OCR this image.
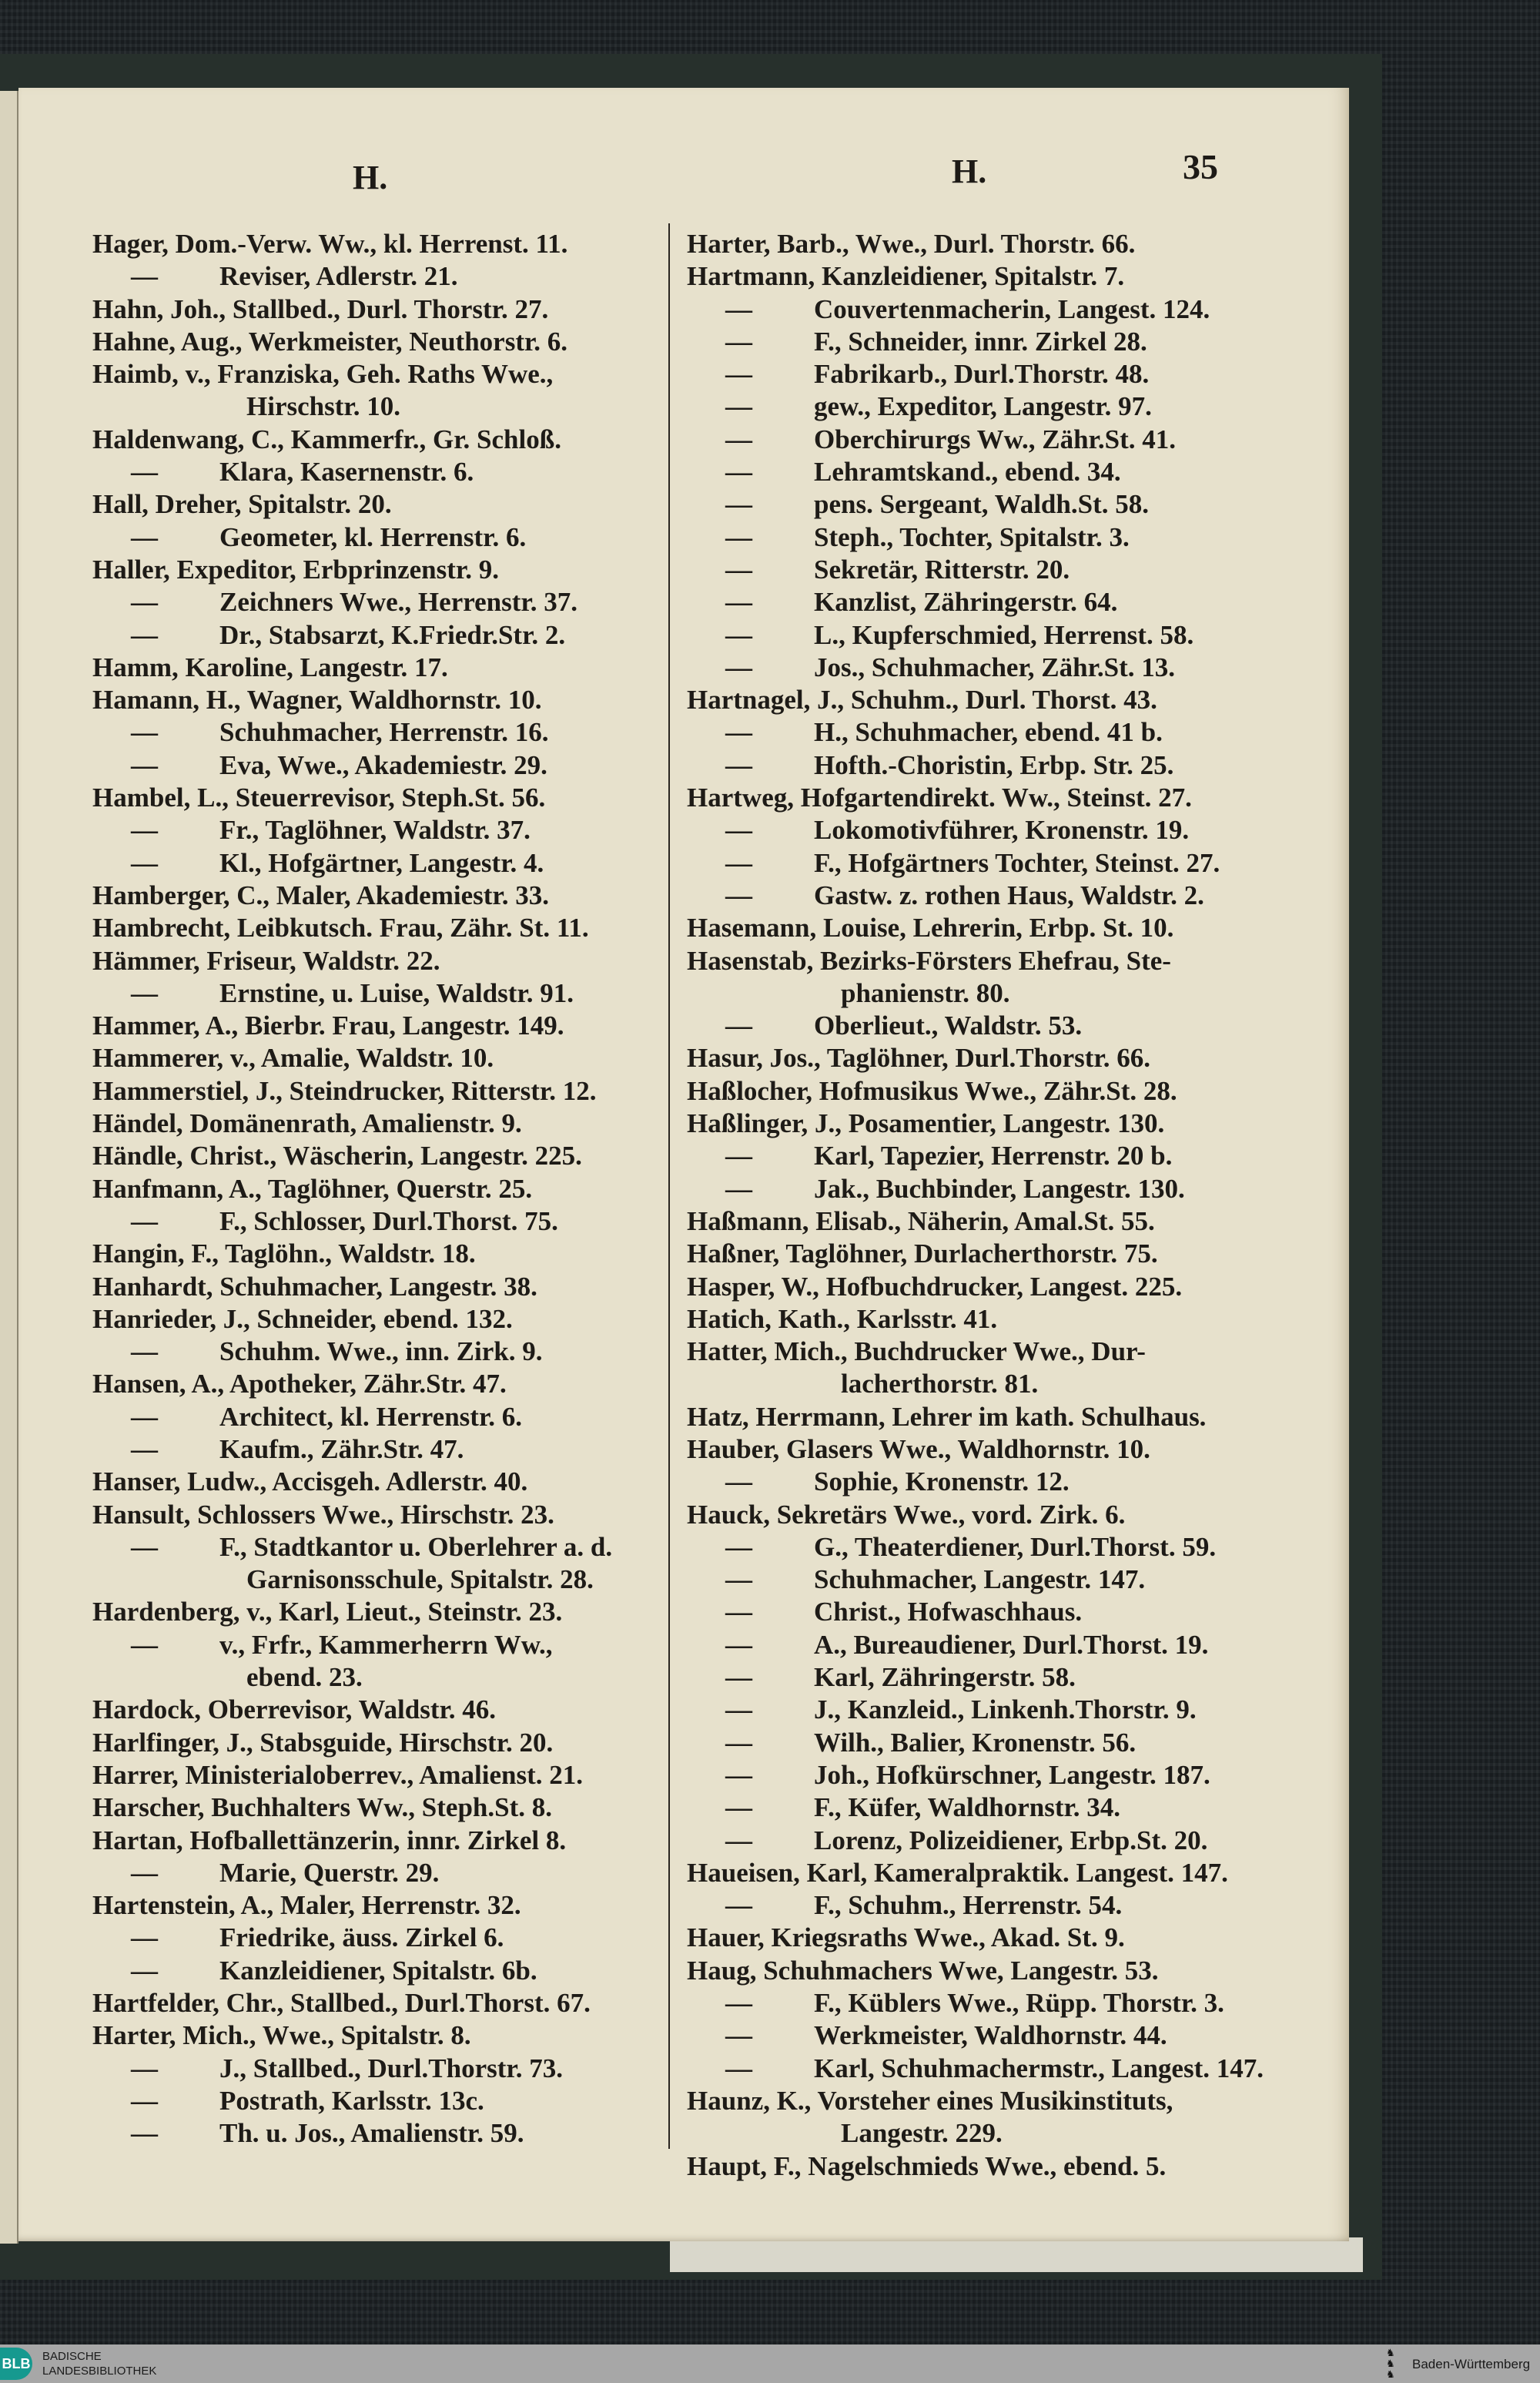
H.	H.	35
Hager, Dom.-Verw. Ww., kl. Herrenst. 11.
— Reviser, Adlerstr. 21.
Hahn, Joh., Stallbed., Durl. Thorstr. 27.
Hahne, Aug., Werkmeister, Neuthorstr. 6.
Haimb, v., Franziska, Geh. Raths Wwe.,
Hirschstr. 10.
Haldenwang, C., Kammerfr., Gr. Schloß.
— Klara, Kasernenstr. 6.
Hall, Dreher, Spitalstr. 20.
— Geometer, kl. Herrenstr. 6.
Haller, Expeditor, Erbprinzenstr. 9.
— Zeichners Wwe., Herrenstr. 37.
— Dr., Stabsarzt, K.Friedr.Str. 2.
Hamm, Karoline, Langestr. 17.
Hamann, H., Wagner, Waldhornstr. 10.
— Schuhmacher, Herrenstr. 16.
— Eva, Wwe., Akademiestr. 29.
Hambel, L., Steuerrevisor, Steph.St. 56.
— Fr., Taglöhner, Waldstr. 37.
— Kl., Hofgärtner, Langestr. 4.
Hamberger, C., Maler, Akademiestr. 33.
Hambrecht, Leibkutsch. Frau, Zähr. St. 11.
Hämmer, Friseur, Waldstr. 22.
— Ernstine, u. Luise, Waldstr. 91.
Hammer, A., Bierbr. Frau, Langestr. 149.
Hammerer, v., Amalie, Waldstr. 10.
Hammerstiel, J., Steindrucker, Ritterstr. 12.
Händel, Domänenrath, Amalienstr. 9.
Händle, Christ., Wäscherin, Langestr. 225.
Hanfmann, A., Taglöhner, Querstr. 25.
— F., Schlosser, Durl.Thorst. 75.
Hangin, F., Taglöhn., Waldstr. 18.
Hanhardt, Schuhmacher, Langestr. 38.
Hanrieder, J., Schneider, ebend. 132.
— Schuhm. Wwe., inn. Zirk. 9.
Hansen, A., Apotheker, Zähr.Str. 47.
— Architect, kl. Herrenstr. 6.
— Kaufm., Zähr.Str. 47.
Hanser, Ludw., Accisgeh. Adlerstr. 40.
Hansult, Schlossers Wwe., Hirschstr. 23.
— F., Stadtkantor u. Oberlehrer a. d.
Garnisonsschule, Spitalstr. 28.
Hardenberg, v., Karl, Lieut., Steinstr. 23.
— v., Frfr., Kammerherrn Ww.,
ebend. 23.
Hardock, Oberrevisor, Waldstr. 46.
Harlfinger, J., Stabsguide, Hirschstr. 20.
Harrer, Ministerialoberrev., Amalienst. 21.
Harscher, Buchhalters Ww., Steph.St. 8.
Hartan, Hofballettänzerin, innr. Zirkel 8.
— Marie, Querstr. 29.
Hartenstein, A., Maler, Herrenstr. 32.
— Friedrike, äuss. Zirkel 6.
— Kanzleidiener, Spitalstr. 6b.
Hartfelder, Chr., Stallbed., Durl.Thorst. 67.
Harter, Mich., Wwe., Spitalstr. 8.
— J., Stallbed., Durl.Thorstr. 73.
— Postrath, Karlsstr. 13c.
— Th. u. Jos., Amalienstr. 59.
Harter, Barb., Wwe., Durl. Thorstr. 66.
Hartmann, Kanzleidiener, Spitalstr. 7.
— Couvertenmacherin, Langest. 124.
— F., Schneider, innr. Zirkel 28.
— Fabrikarb., Durl.Thorstr. 48.
— gew., Expeditor, Langestr. 97.
— Oberchirurgs Ww., Zähr.St. 41.
— Lehramtskand., ebend. 34.
— pens. Sergeant, Waldh.St. 58.
— Steph., Tochter, Spitalstr. 3.
— Sekretär, Ritterstr. 20.
— Kanzlist, Zähringerstr. 64.
— L., Kupferschmied, Herrenst. 58.
— Jos., Schuhmacher, Zähr.St. 13.
Hartnagel, J., Schuhm., Durl. Thorst. 43.
— H., Schuhmacher, ebend. 41 b.
— Hofth.-Choristin, Erbp. Str. 25.
Hartweg, Hofgartendirekt. Ww., Steinst. 27.
— Lokomotivführer, Kronenstr. 19.
— F., Hofgärtners Tochter, Steinst. 27.
— Gastw. z. rothen Haus, Waldstr. 2.
Hasemann, Louise, Lehrerin, Erbp. St. 10.
Hasenstab, Bezirks-Försters Ehefrau, Ste-
phanienstr. 80.
— Oberlieut., Waldstr. 53.
Hasur, Jos., Taglöhner, Durl.Thorstr. 66.
Haßlocher, Hofmusikus Wwe., Zähr.St. 28.
Haßlinger, J., Posamentier, Langestr. 130.
— Karl, Tapezier, Herrenstr. 20 b.
— Jak., Buchbinder, Langestr. 130.
Haßmann, Elisab., Näherin, Amal.St. 55.
Haßner, Taglöhner, Durlacherthorstr. 75.
Hasper, W., Hofbuchdrucker, Langest. 225.
Hatich, Kath., Karlsstr. 41.
Hatter, Mich., Buchdrucker Wwe., Dur-
lacherthorstr. 81.
Hatz, Herrmann, Lehrer im kath. Schulhaus.
Hauber, Glasers Wwe., Waldhornstr. 10.
— Sophie, Kronenstr. 12.
Hauck, Sekretärs Wwe., vord. Zirk. 6.
— G., Theaterdiener, Durl.Thorst. 59.
— Schuhmacher, Langestr. 147.
— Christ., Hofwaschhaus.
— A., Bureaudiener, Durl.Thorst. 19.
— Karl, Zähringerstr. 58.
— J., Kanzleid., Linkenh.Thorstr. 9.
— Wilh., Balier, Kronenstr. 56.
— Joh., Hofkürschner, Langestr. 187.
— F., Küfer, Waldhornstr. 34.
— Lorenz, Polizeidiener, Erbp.St. 20.
Haueisen, Karl, Kameralpraktik. Langest. 147.
— F., Schuhm., Herrenstr. 54.
Hauer, Kriegsraths Wwe., Akad. St. 9.
Haug, Schuhmachers Wwe, Langestr. 53.
— F., Küblers Wwe., Rüpp. Thorstr. 3.
— Werkmeister, Waldhornstr. 44.
— Karl, Schuhmachermstr., Langest. 147.
Haunz, K., Vorsteher eines Musikinstituts,
Langestr. 229.
Haupt, F., Nagelschmieds Wwe., ebend. 5.
BLB BADISCHE
LANDESBIBLIOTHEK
♞
♞
♞
Baden-Württemberg
